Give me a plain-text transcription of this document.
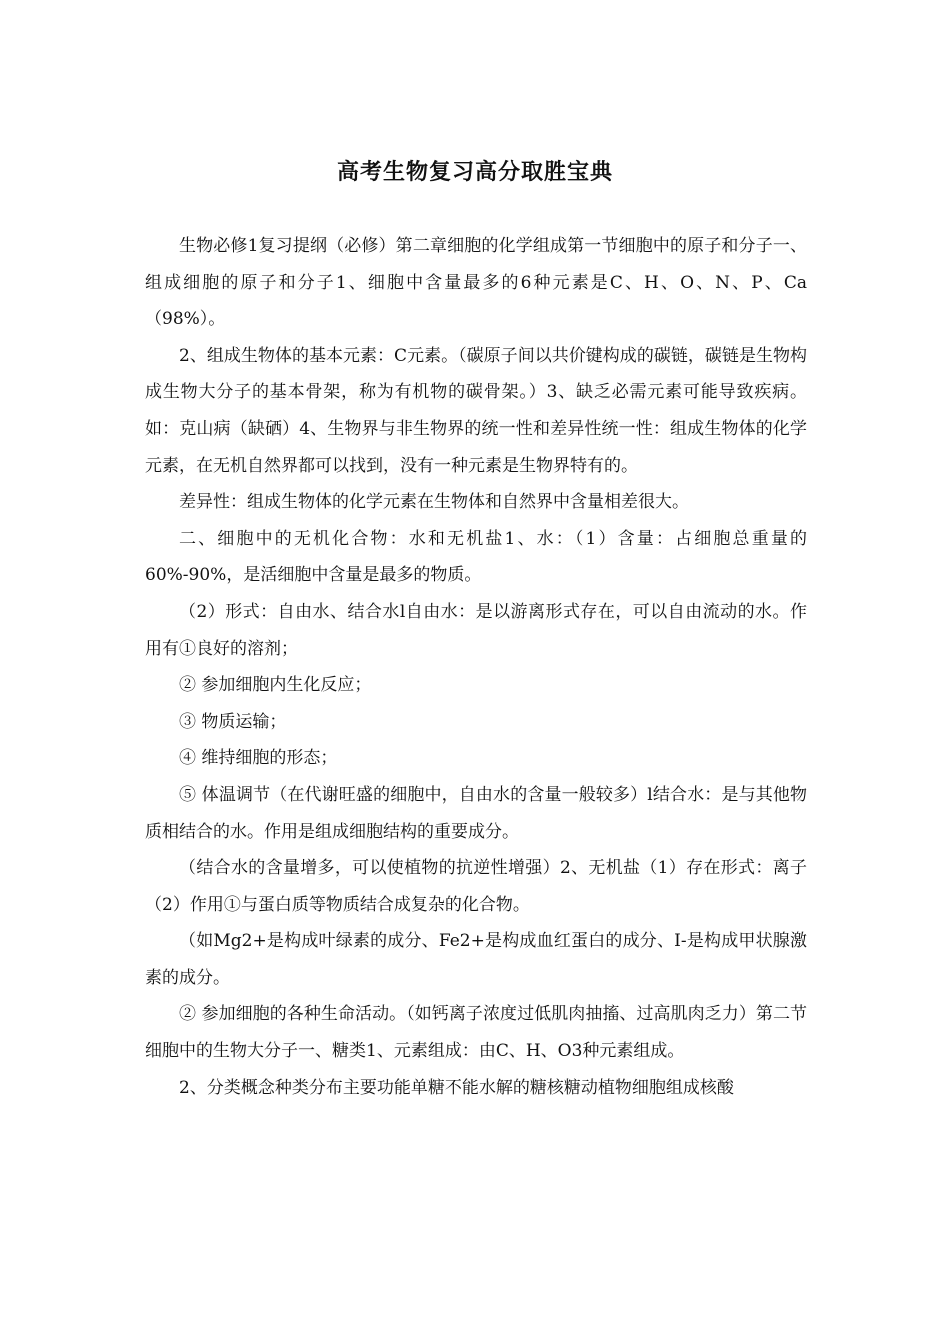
高考生物复习高分取胜宝典

生物必修1复习提纲（必修）第二章细胞的化学组成第一节细胞中的原子和分子一、组成细胞的原子和分子1、细胞中含量最多的6种元素是C、H、O、N、P、Ca（98%）。

2、组成生物体的基本元素：C元素。（碳原子间以共价键构成的碳链，碳链是生物构成生物大分子的基本骨架，称为有机物的碳骨架。）3、缺乏必需元素可能导致疾病。如：克山病（缺硒）4、生物界与非生物界的统一性和差异性统一性：组成生物体的化学元素，在无机自然界都可以找到，没有一种元素是生物界特有的。

差异性：组成生物体的化学元素在生物体和自然界中含量相差很大。

二、细胞中的无机化合物：水和无机盐1、水：（1）含量：占细胞总重量的60%-90%，是活细胞中含量是最多的物质。

（2）形式：自由水、结合水l自由水：是以游离形式存在，可以自由流动的水。作用有①良好的溶剂；

② 参加细胞内生化反应；

③ 物质运输；

④ 维持细胞的形态；

⑤ 体温调节（在代谢旺盛的细胞中，自由水的含量一般较多）l结合水：是与其他物质相结合的水。作用是组成细胞结构的重要成分。

（结合水的含量增多，可以使植物的抗逆性增强）2、无机盐（1）存在形式：离子（2）作用①与蛋白质等物质结合成复杂的化合物。

（如Mg2+是构成叶绿素的成分、Fe2+是构成血红蛋白的成分、I-是构成甲状腺激素的成分。

② 参加细胞的各种生命活动。（如钙离子浓度过低肌肉抽搐、过高肌肉乏力）第二节细胞中的生物大分子一、糖类1、元素组成：由C、H、O3种元素组成。

2、分类概念种类分布主要功能单糖不能水解的糖核糖动植物细胞组成核酸
